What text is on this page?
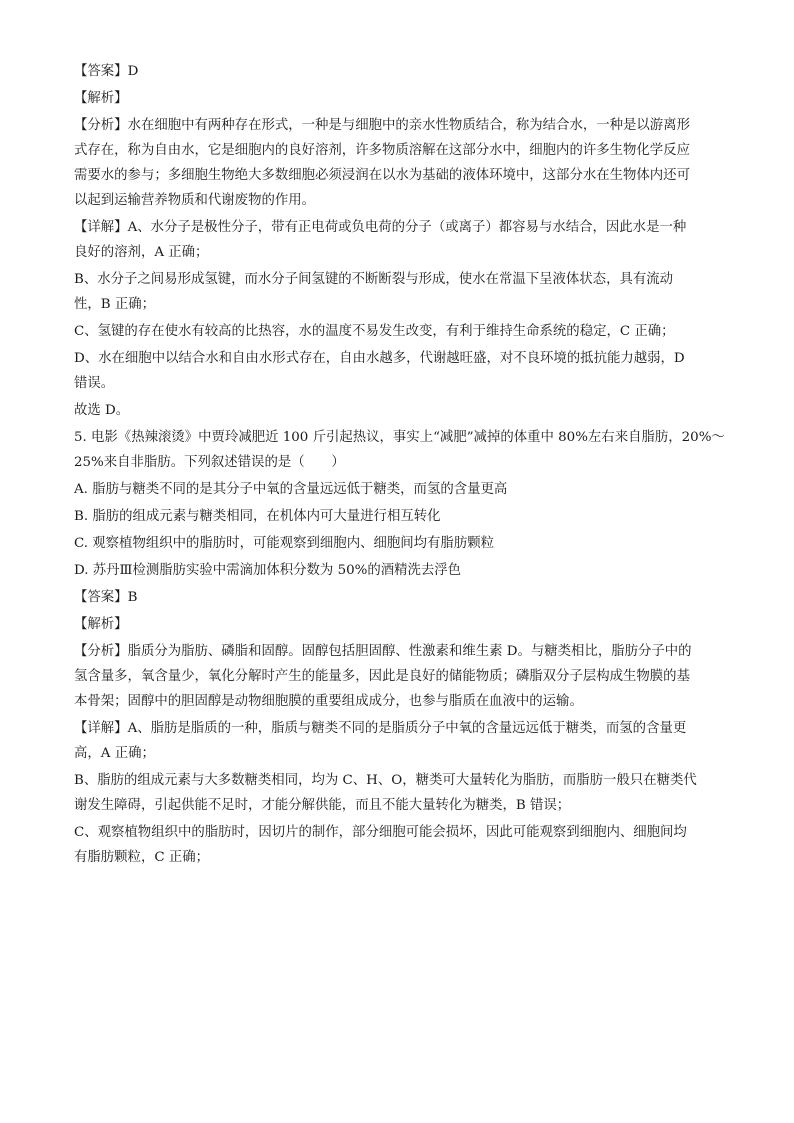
【答案】D
【解析】
【分析】水在细胞中有两种存在形式，一种是与细胞中的亲水性物质结合，称为结合水，一种是以游离形
式存在，称为自由水，它是细胞内的良好溶剂，许多物质溶解在这部分水中，细胞内的许多生物化学反应
需要水的参与；多细胞生物绝大多数细胞必须浸润在以水为基础的液体环境中，这部分水在生物体内还可
以起到运输营养物质和代谢废物的作用。
【详解】A、水分子是极性分子，带有正电荷或负电荷的分子（或离子）都容易与水结合，因此水是一种
良好的溶剂，A 正确；
B、水分子之间易形成氢键，而水分子间氢键的不断断裂与形成，使水在常温下呈液体状态，具有流动
性，B 正确；
C、氢键的存在使水有较高的比热容，水的温度不易发生改变，有利于维持生命系统的稳定，C 正确；
D、水在细胞中以结合水和自由水形式存在，自由水越多，代谢越旺盛，对不良环境的抵抗能力越弱，D
错误。
故选 D。
5. 电影《热辣滚烫》中贾玲减肥近 100 斤引起热议，事实上“减肥”减掉的体重中 80%左右来自脂肪，20%～
25%来自非脂肪。下列叙述错误的是（　　）
A. 脂肪与糖类不同的是其分子中氧的含量远远低于糖类，而氢的含量更高
B. 脂肪的组成元素与糖类相同，在机体内可大量进行相互转化
C. 观察植物组织中的脂肪时，可能观察到细胞内、细胞间均有脂肪颗粒
D. 苏丹Ⅲ检测脂肪实验中需滴加体积分数为 50%的酒精洗去浮色
【答案】B
【解析】
【分析】脂质分为脂肪、磷脂和固醇。固醇包括胆固醇、性激素和维生素 D。与糖类相比，脂肪分子中的
氢含量多，氧含量少，氧化分解时产生的能量多，因此是良好的储能物质；磷脂双分子层构成生物膜的基
本骨架；固醇中的胆固醇是动物细胞膜的重要组成成分，也参与脂质在血液中的运输。
【详解】A、脂肪是脂质的一种，脂质与糖类不同的是脂质分子中氧的含量远远低于糖类，而氢的含量更
高，A 正确；
B、脂肪的组成元素与大多数糖类相同，均为 C、H、O，糖类可大量转化为脂肪，而脂肪一般只在糖类代
谢发生障碍，引起供能不足时，才能分解供能，而且不能大量转化为糖类，B 错误；
C、观察植物组织中的脂肪时，因切片的制作，部分细胞可能会损坏，因此可能观察到细胞内、细胞间均
有脂肪颗粒，C 正确；
